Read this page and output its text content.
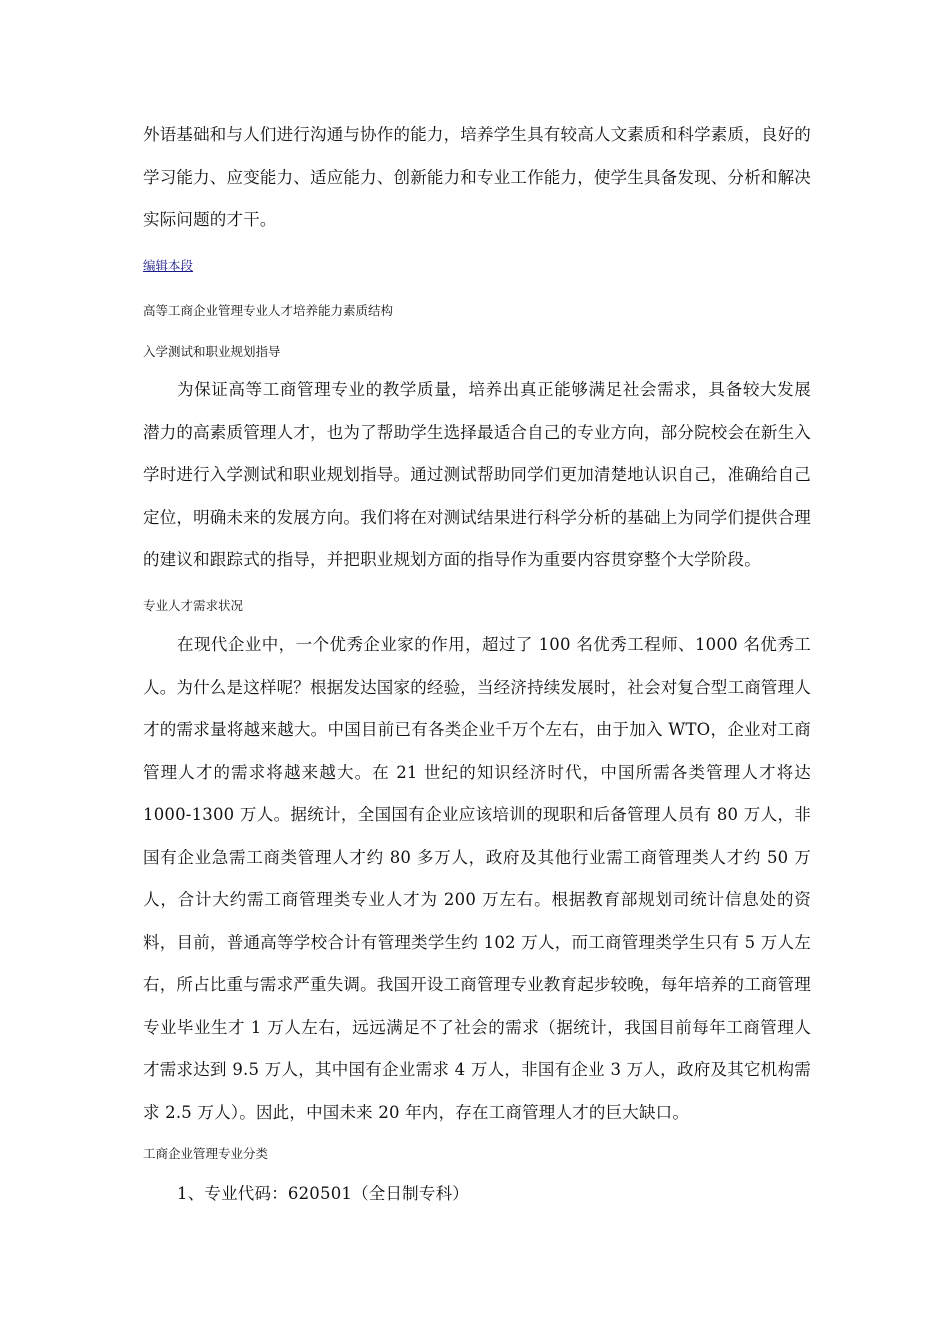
外语基础和与人们进行沟通与协作的能力，培养学生具有较高人文素质和科学素质，良好的学习能力、应变能力、适应能力、创新能力和专业工作能力，使学生具备发现、分析和解决实际问题的才干。

编辑本段

高等工商企业管理专业人才培养能力素质结构

入学测试和职业规划指导

为保证高等工商管理专业的教学质量，培养出真正能够满足社会需求，具备较大发展潜力的高素质管理人才，也为了帮助学生选择最适合自己的专业方向，部分院校会在新生入学时进行入学测试和职业规划指导。通过测试帮助同学们更加清楚地认识自己，准确给自己定位，明确未来的发展方向。我们将在对测试结果进行科学分析的基础上为同学们提供合理的建议和跟踪式的指导，并把职业规划方面的指导作为重要内容贯穿整个大学阶段。

专业人才需求状况

在现代企业中，一个优秀企业家的作用，超过了 100 名优秀工程师、1000 名优秀工人。为什么是这样呢？根据发达国家的经验，当经济持续发展时，社会对复合型工商管理人才的需求量将越来越大。中国目前已有各类企业千万个左右，由于加入 WTO，企业对工商管理人才的需求将越来越大。在 21 世纪的知识经济时代，中国所需各类管理人才将达 1000-1300 万人。据统计，全国国有企业应该培训的现职和后备管理人员有 80 万人，非国有企业急需工商类管理人才约 80 多万人，政府及其他行业需工商管理类人才约 50 万人，合计大约需工商管理类专业人才为 200 万左右。根据教育部规划司统计信息处的资料，目前，普通高等学校合计有管理类学生约 102 万人，而工商管理类学生只有 5 万人左右，所占比重与需求严重失调。我国开设工商管理专业教育起步较晚，每年培养的工商管理专业毕业生才 1 万人左右，远远满足不了社会的需求（据统计，我国目前每年工商管理人才需求达到 9.5 万人，其中国有企业需求 4 万人，非国有企业 3 万人，政府及其它机构需求 2.5 万人）。因此，中国未来 20 年内，存在工商管理人才的巨大缺口。

工商企业管理专业分类

1、专业代码：620501（全日制专科）
